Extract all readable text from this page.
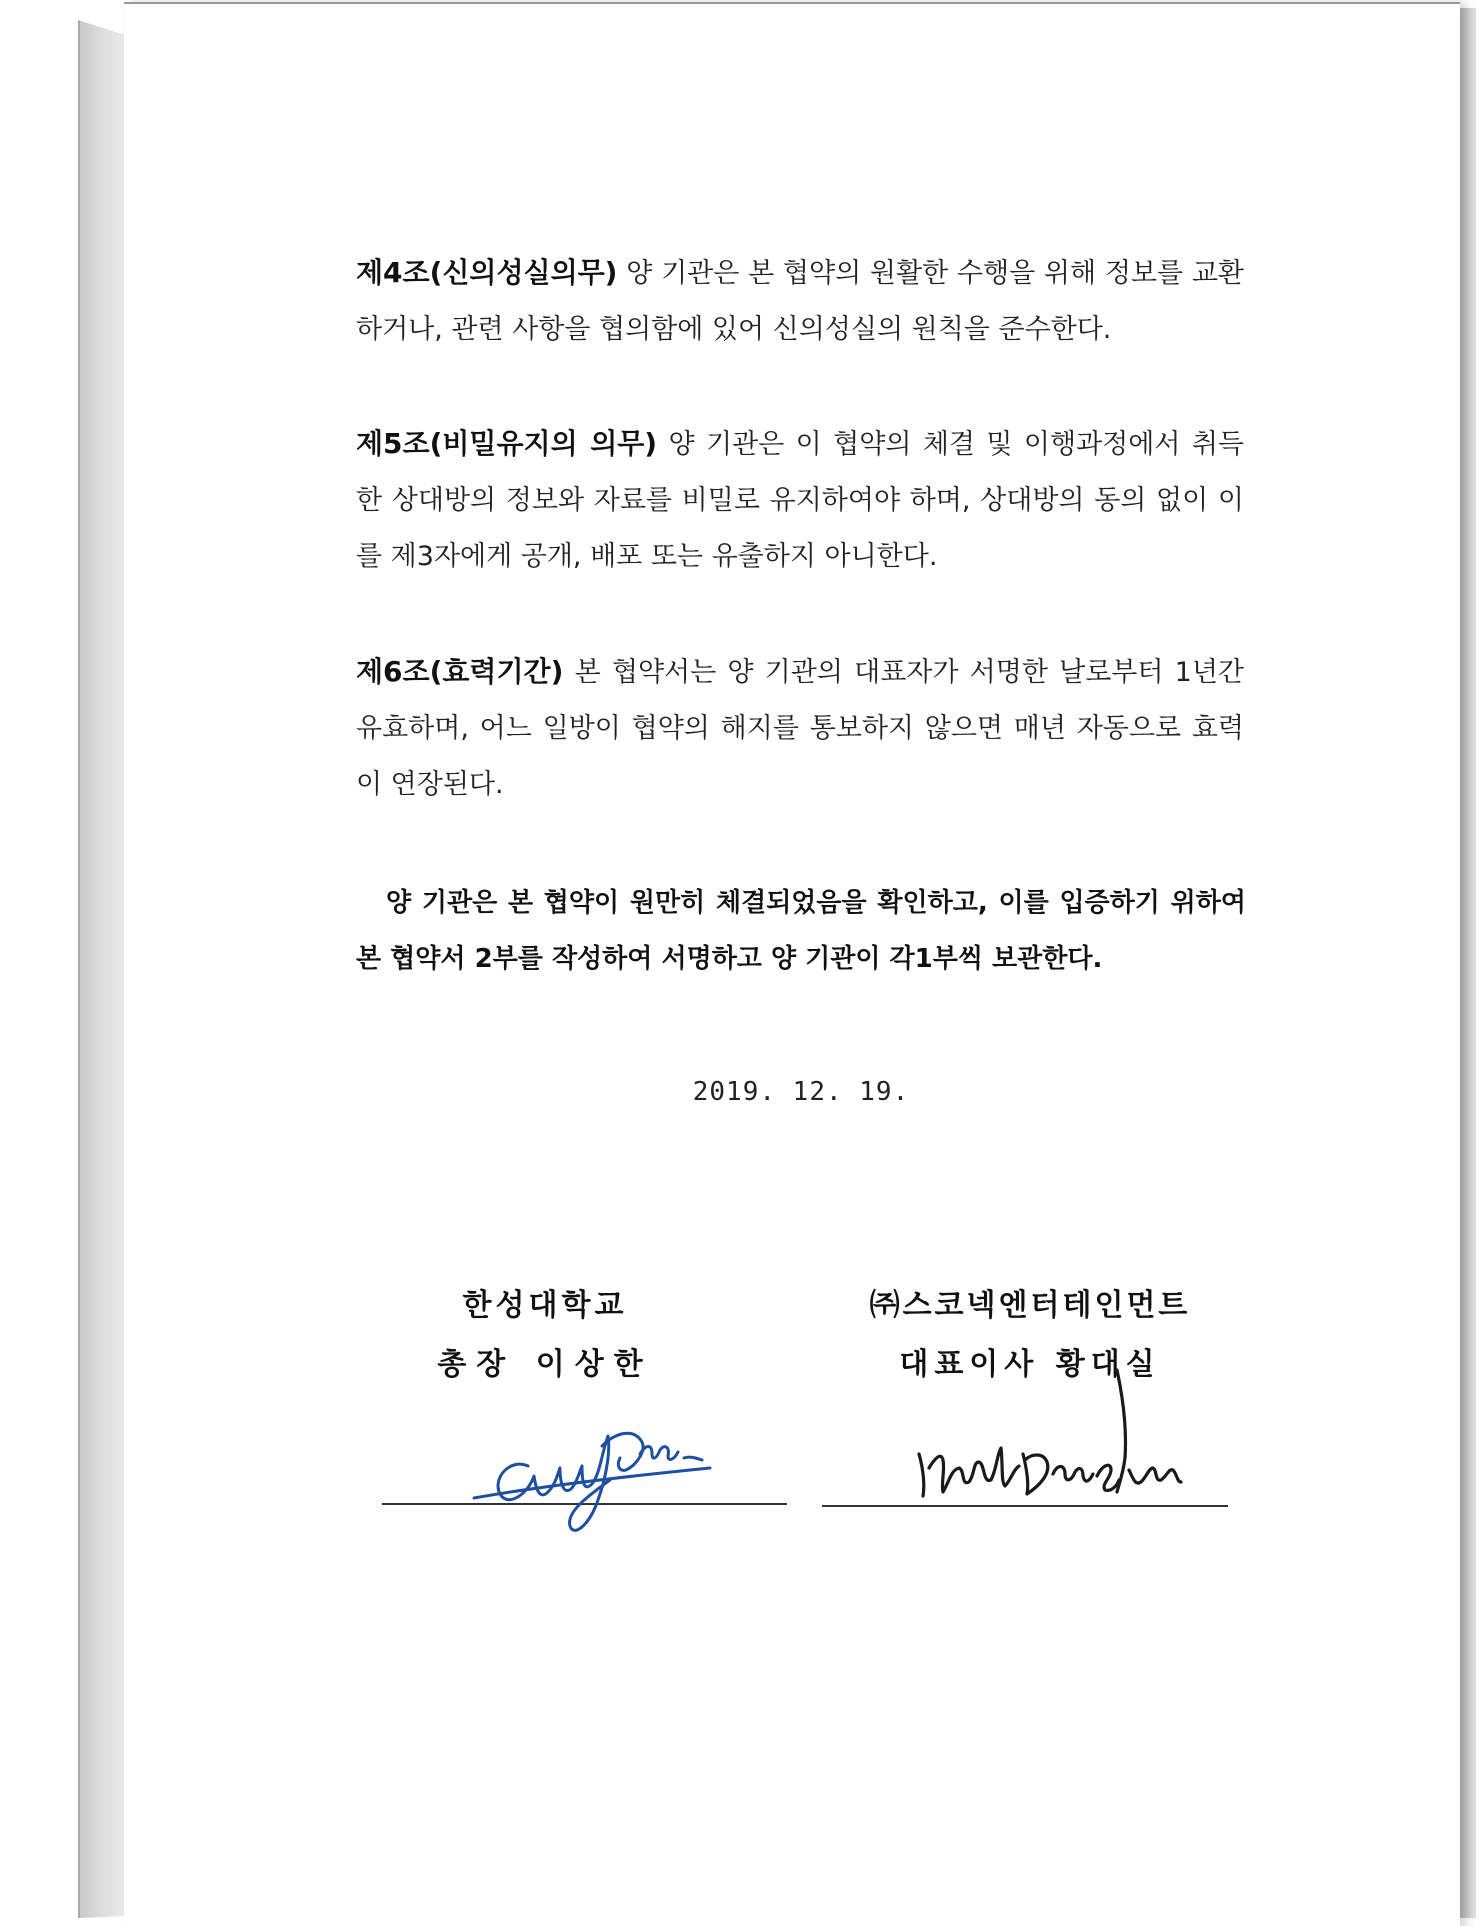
제4조(신의성실의무) 양 기관은 본 협약의 원활한 수행을 위해 정보를 교환하거나, 관련 사항을 협의함에 있어 신의성실의 원칙을 준수한다.
제5조(비밀유지의 의무) 양 기관은 이 협약의 체결 및 이행과정에서 취득한 상대방의 정보와 자료를 비밀로 유지하여야 하며, 상대방의 동의 없이 이를 제3자에게 공개, 배포 또는 유출하지 아니한다.
제6조(효력기간) 본 협약서는 양 기관의 대표자가 서명한 날로부터 1년간 유효하며, 어느 일방이 협약의 해지를 통보하지 않으면 매년 자동으로 효력이 연장된다.
양 기관은 본 협약이 원만히 체결되었음을 확인하고, 이를 입증하기 위하여 본 협약서 2부를 작성하여 서명하고 양 기관이 각1부씩 보관한다.
2019. 12. 19.
한성대학교
총장 이상한
㈜스코넥엔터테인먼트
대표이사 황대실
